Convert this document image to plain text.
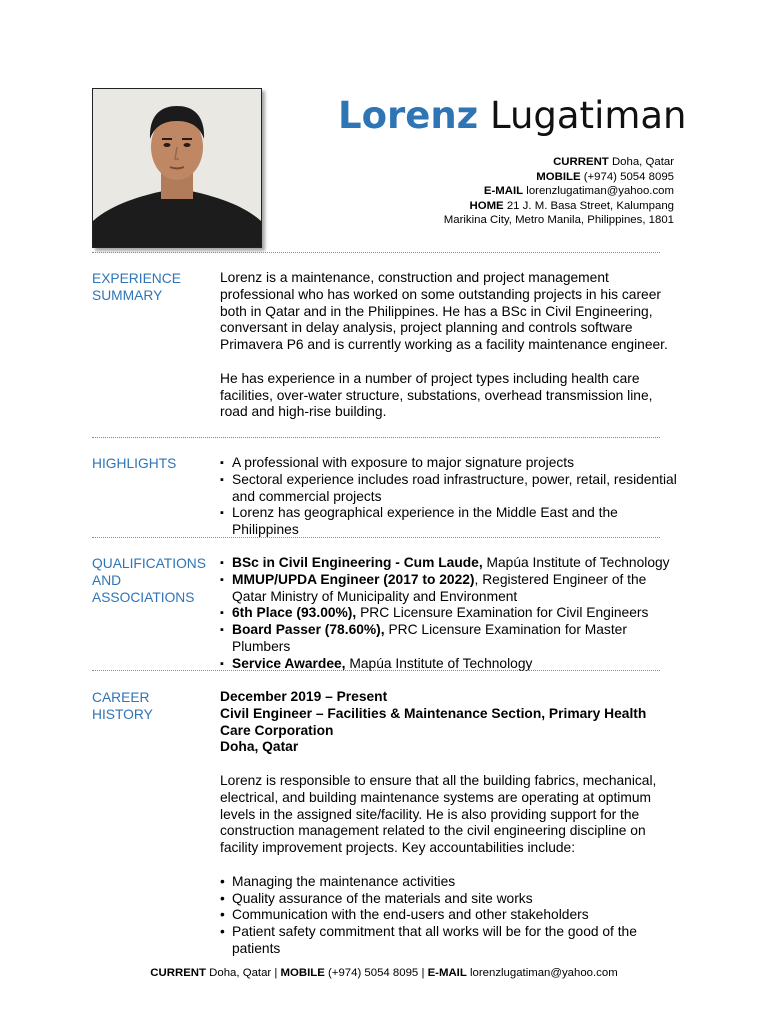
Lorenz Lugatiman
CURRENT Doha, Qatar
MOBILE (+974) 5054 8095
E-MAIL lorenzlugatiman@yahoo.com
HOME 21 J. M. Basa Street, Kalumpang
Marikina City, Metro Manila, Philippines, 1801
EXPERIENCE
SUMMARY

Lorenz is a maintenance, construction and project management professional who has worked on some outstanding projects in his career both in Qatar and in the Philippines. He has a BSc in Civil Engineering, conversant in delay analysis, project planning and controls software Primavera P6 and is currently working as a facility maintenance engineer.

He has experience in a number of project types including health care facilities, over-water structure, substations, overhead transmission line, road and high-rise building.

HIGHLIGHTS
▪	A professional with exposure to major signature projects
▪ Sectoral experience includes road infrastructure, power, retail, residential and commercial projects
▪ Lorenz has geographical experience in the Middle East and the Philippines
QUALIFICATIONS
AND
ASSOCIATIONS
▪ BSc in Civil Engineering - Cum Laude, Mapúa Institute of Technology
▪ MMUP/UPDA Engineer (2017 to 2022), Registered Engineer of the Qatar Ministry of Municipality and Environment
▪ 6th Place (93.00%), PRC Licensure Examination for Civil Engineers
▪ Board Passer (78.60%), PRC Licensure Examination for Master Plumbers
▪ Service Awardee, Mapúa Institute of Technology
CAREER HISTORY
December 2019 – Present
Civil Engineer – Facilities & Maintenance Section, Primary Health Care Corporation
Doha, Qatar

Lorenz is responsible to ensure that all the building fabrics, mechanical, electrical, and building maintenance systems are operating at optimum levels in the assigned site/facility. He is also providing support for the construction management related to the civil engineering discipline on facility improvement projects. Key accountabilities include:

• Managing the maintenance activities
• Quality assurance of the materials and site works
• Communication with the end-users and other stakeholders
• Patient safety commitment that all works will be for the good of the patients
CURRENT Doha, Qatar | MOBILE (+974) 5054 8095 | E-MAIL lorenzlugatiman@yahoo.com
